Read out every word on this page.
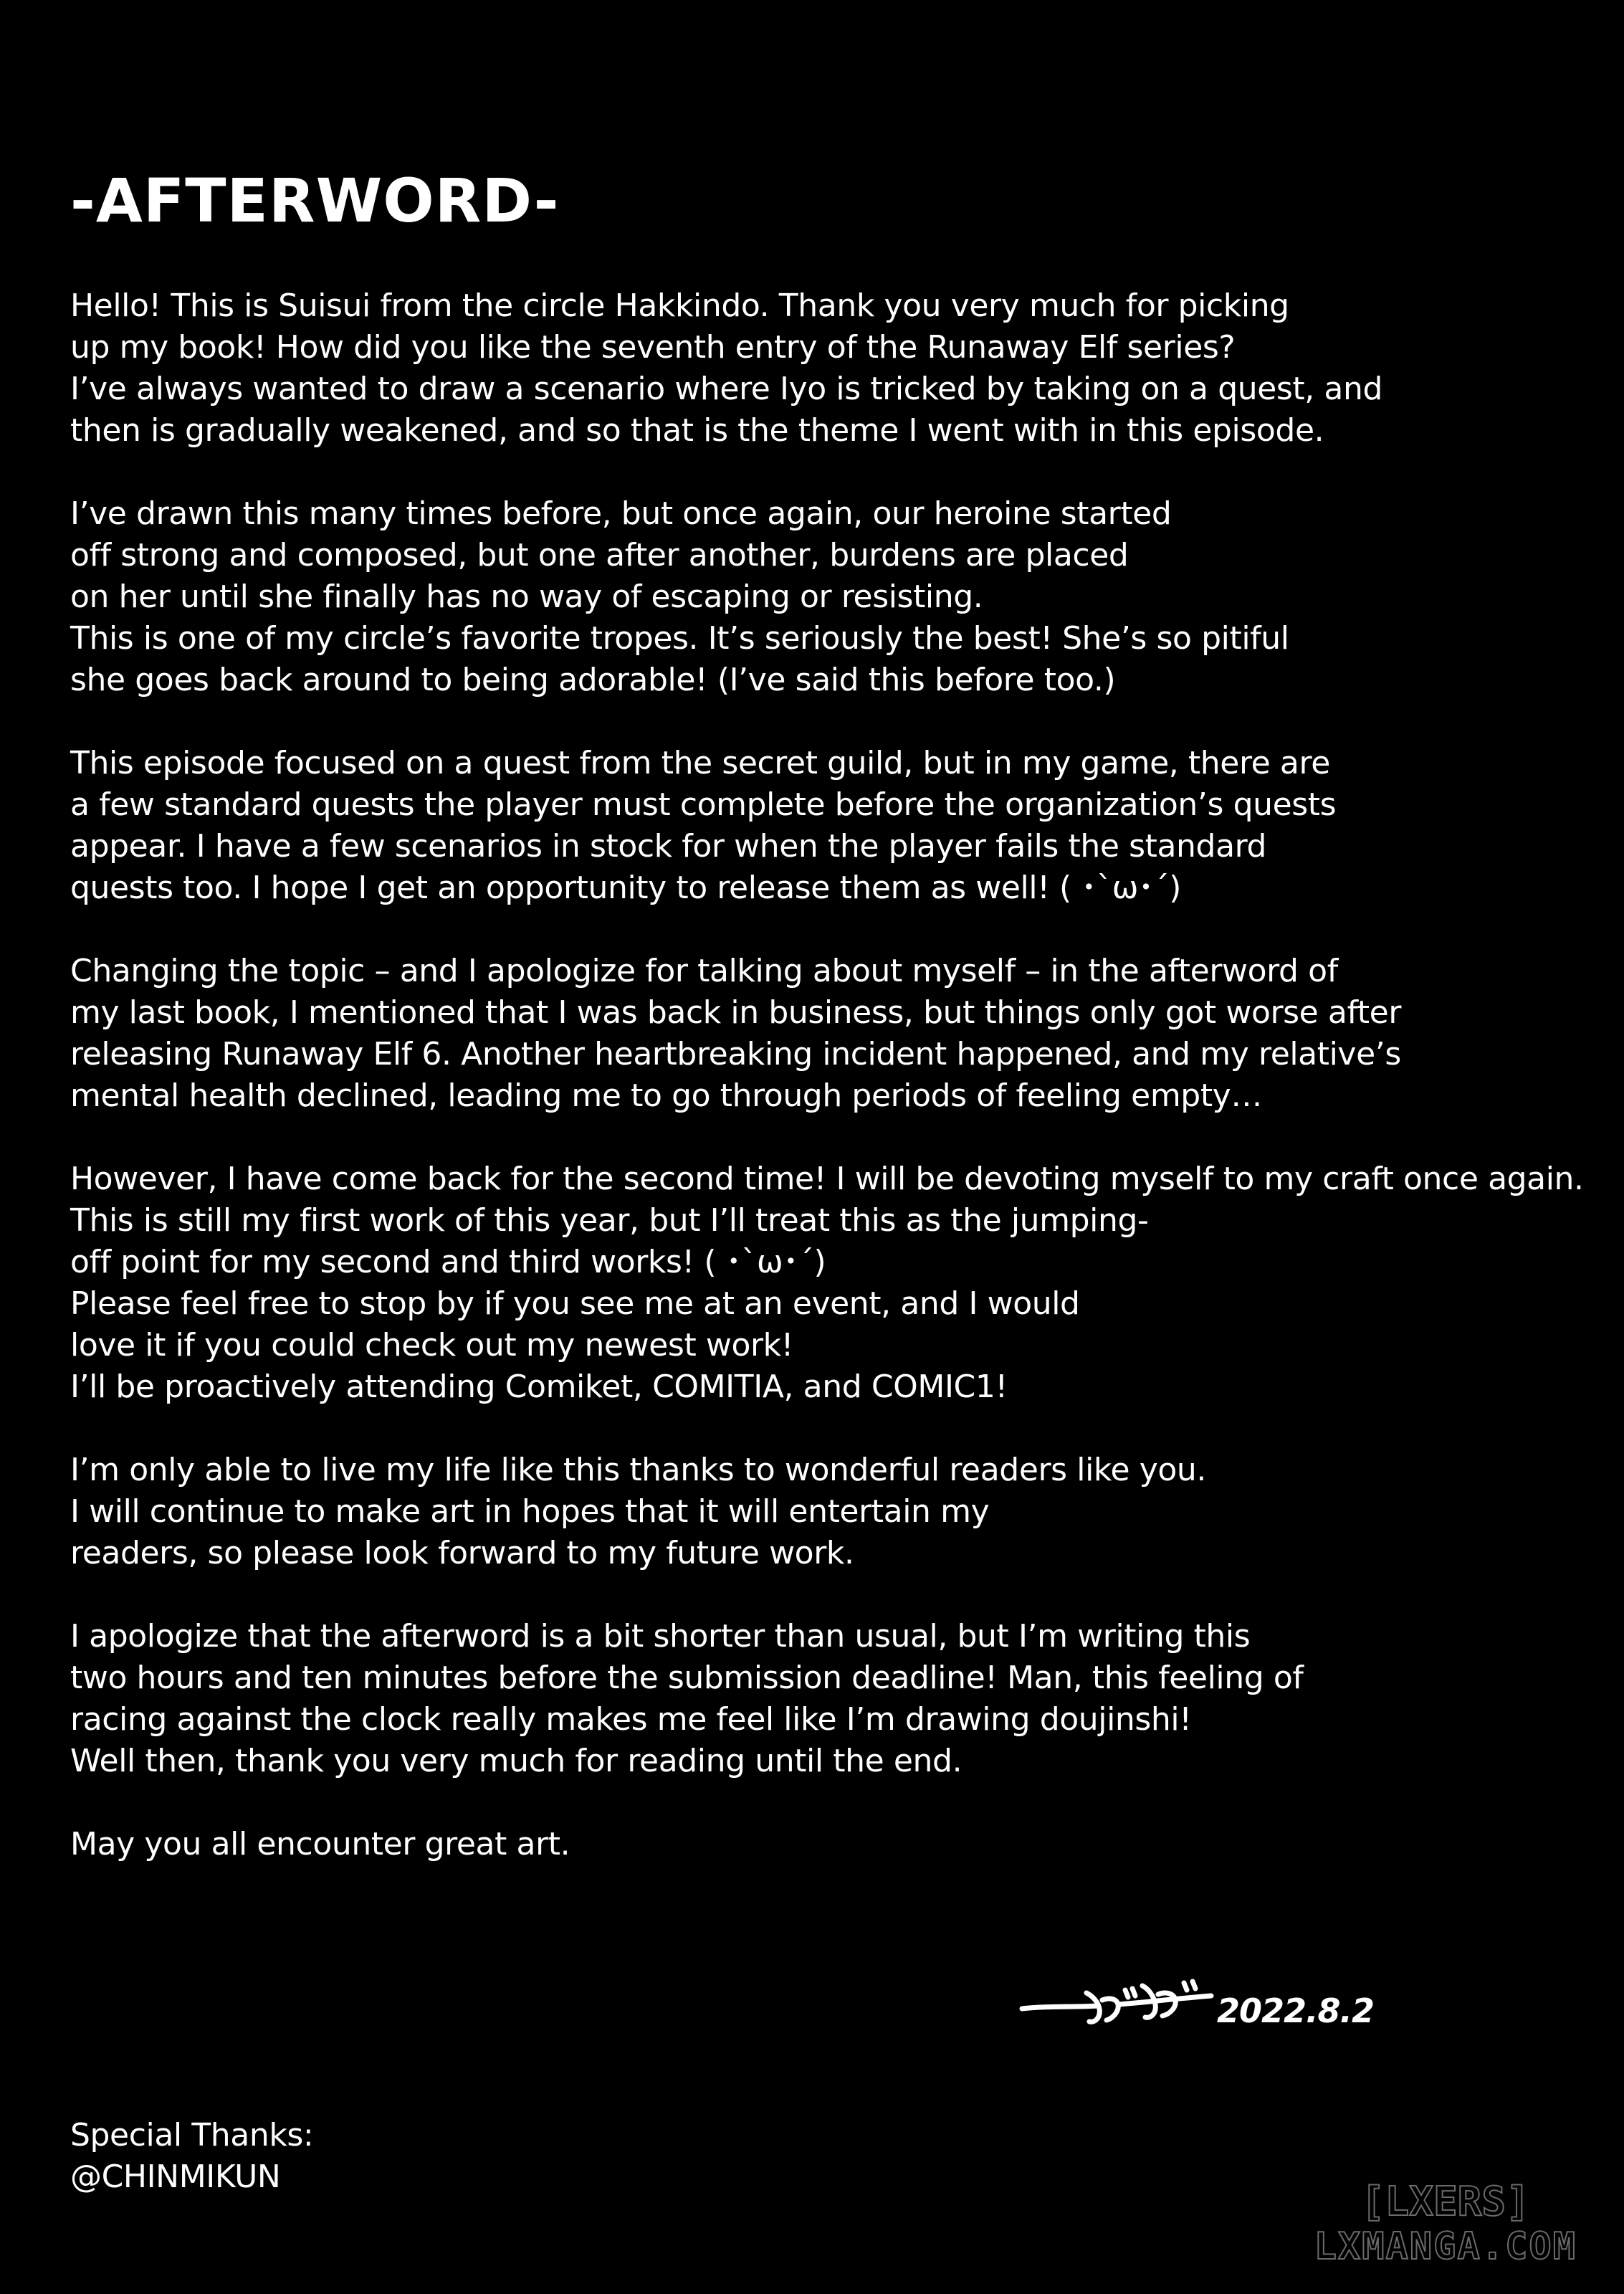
-AFTERWORD-

Hello! This is Suisui from the circle Hakkindo. Thank you very much for picking
up my book! How did you like the seventh entry of the Runaway Elf series?
I’ve always wanted to draw a scenario where Iyo is tricked by taking on a quest, and
then is gradually weakened, and so that is the theme I went with in this episode.

I’ve drawn this many times before, but once again, our heroine started
off strong and composed, but one after another, burdens are placed
on her until she finally has no way of escaping or resisting.
This is one of my circle’s favorite tropes. It’s seriously the best! She’s so pitiful
she goes back around to being adorable! (I’ve said this before too.)

This episode focused on a quest from the secret guild, but in my game, there are
a few standard quests the player must complete before the organization’s quests
appear. I have a few scenarios in stock for when the player fails the standard
quests too. I hope I get an opportunity to release them as well! ( ･`ω･´)

Changing the topic – and I apologize for talking about myself – in the afterword of
my last book, I mentioned that I was back in business, but things only got worse after
releasing Runaway Elf 6. Another heartbreaking incident happened, and my relative’s
mental health declined, leading me to go through periods of feeling empty…

However, I have come back for the second time! I will be devoting myself to my craft once again.
This is still my first work of this year, but I’ll treat this as the jumping-
off point for my second and third works! ( ･`ω･´)
Please feel free to stop by if you see me at an event, and I would
love it if you could check out my newest work!
I’ll be proactively attending Comiket, COMITIA, and COMIC1!

I’m only able to live my life like this thanks to wonderful readers like you.
I will continue to make art in hopes that it will entertain my
readers, so please look forward to my future work.

I apologize that the afterword is a bit shorter than usual, but I’m writing this
two hours and ten minutes before the submission deadline! Man, this feeling of
racing against the clock really makes me feel like I’m drawing doujinshi!
Well then, thank you very much for reading until the end.

May you all encounter great art.

2022.8.2
Special Thanks:
@CHINMIKUN
[LXERS]
LXMANGA.COM
